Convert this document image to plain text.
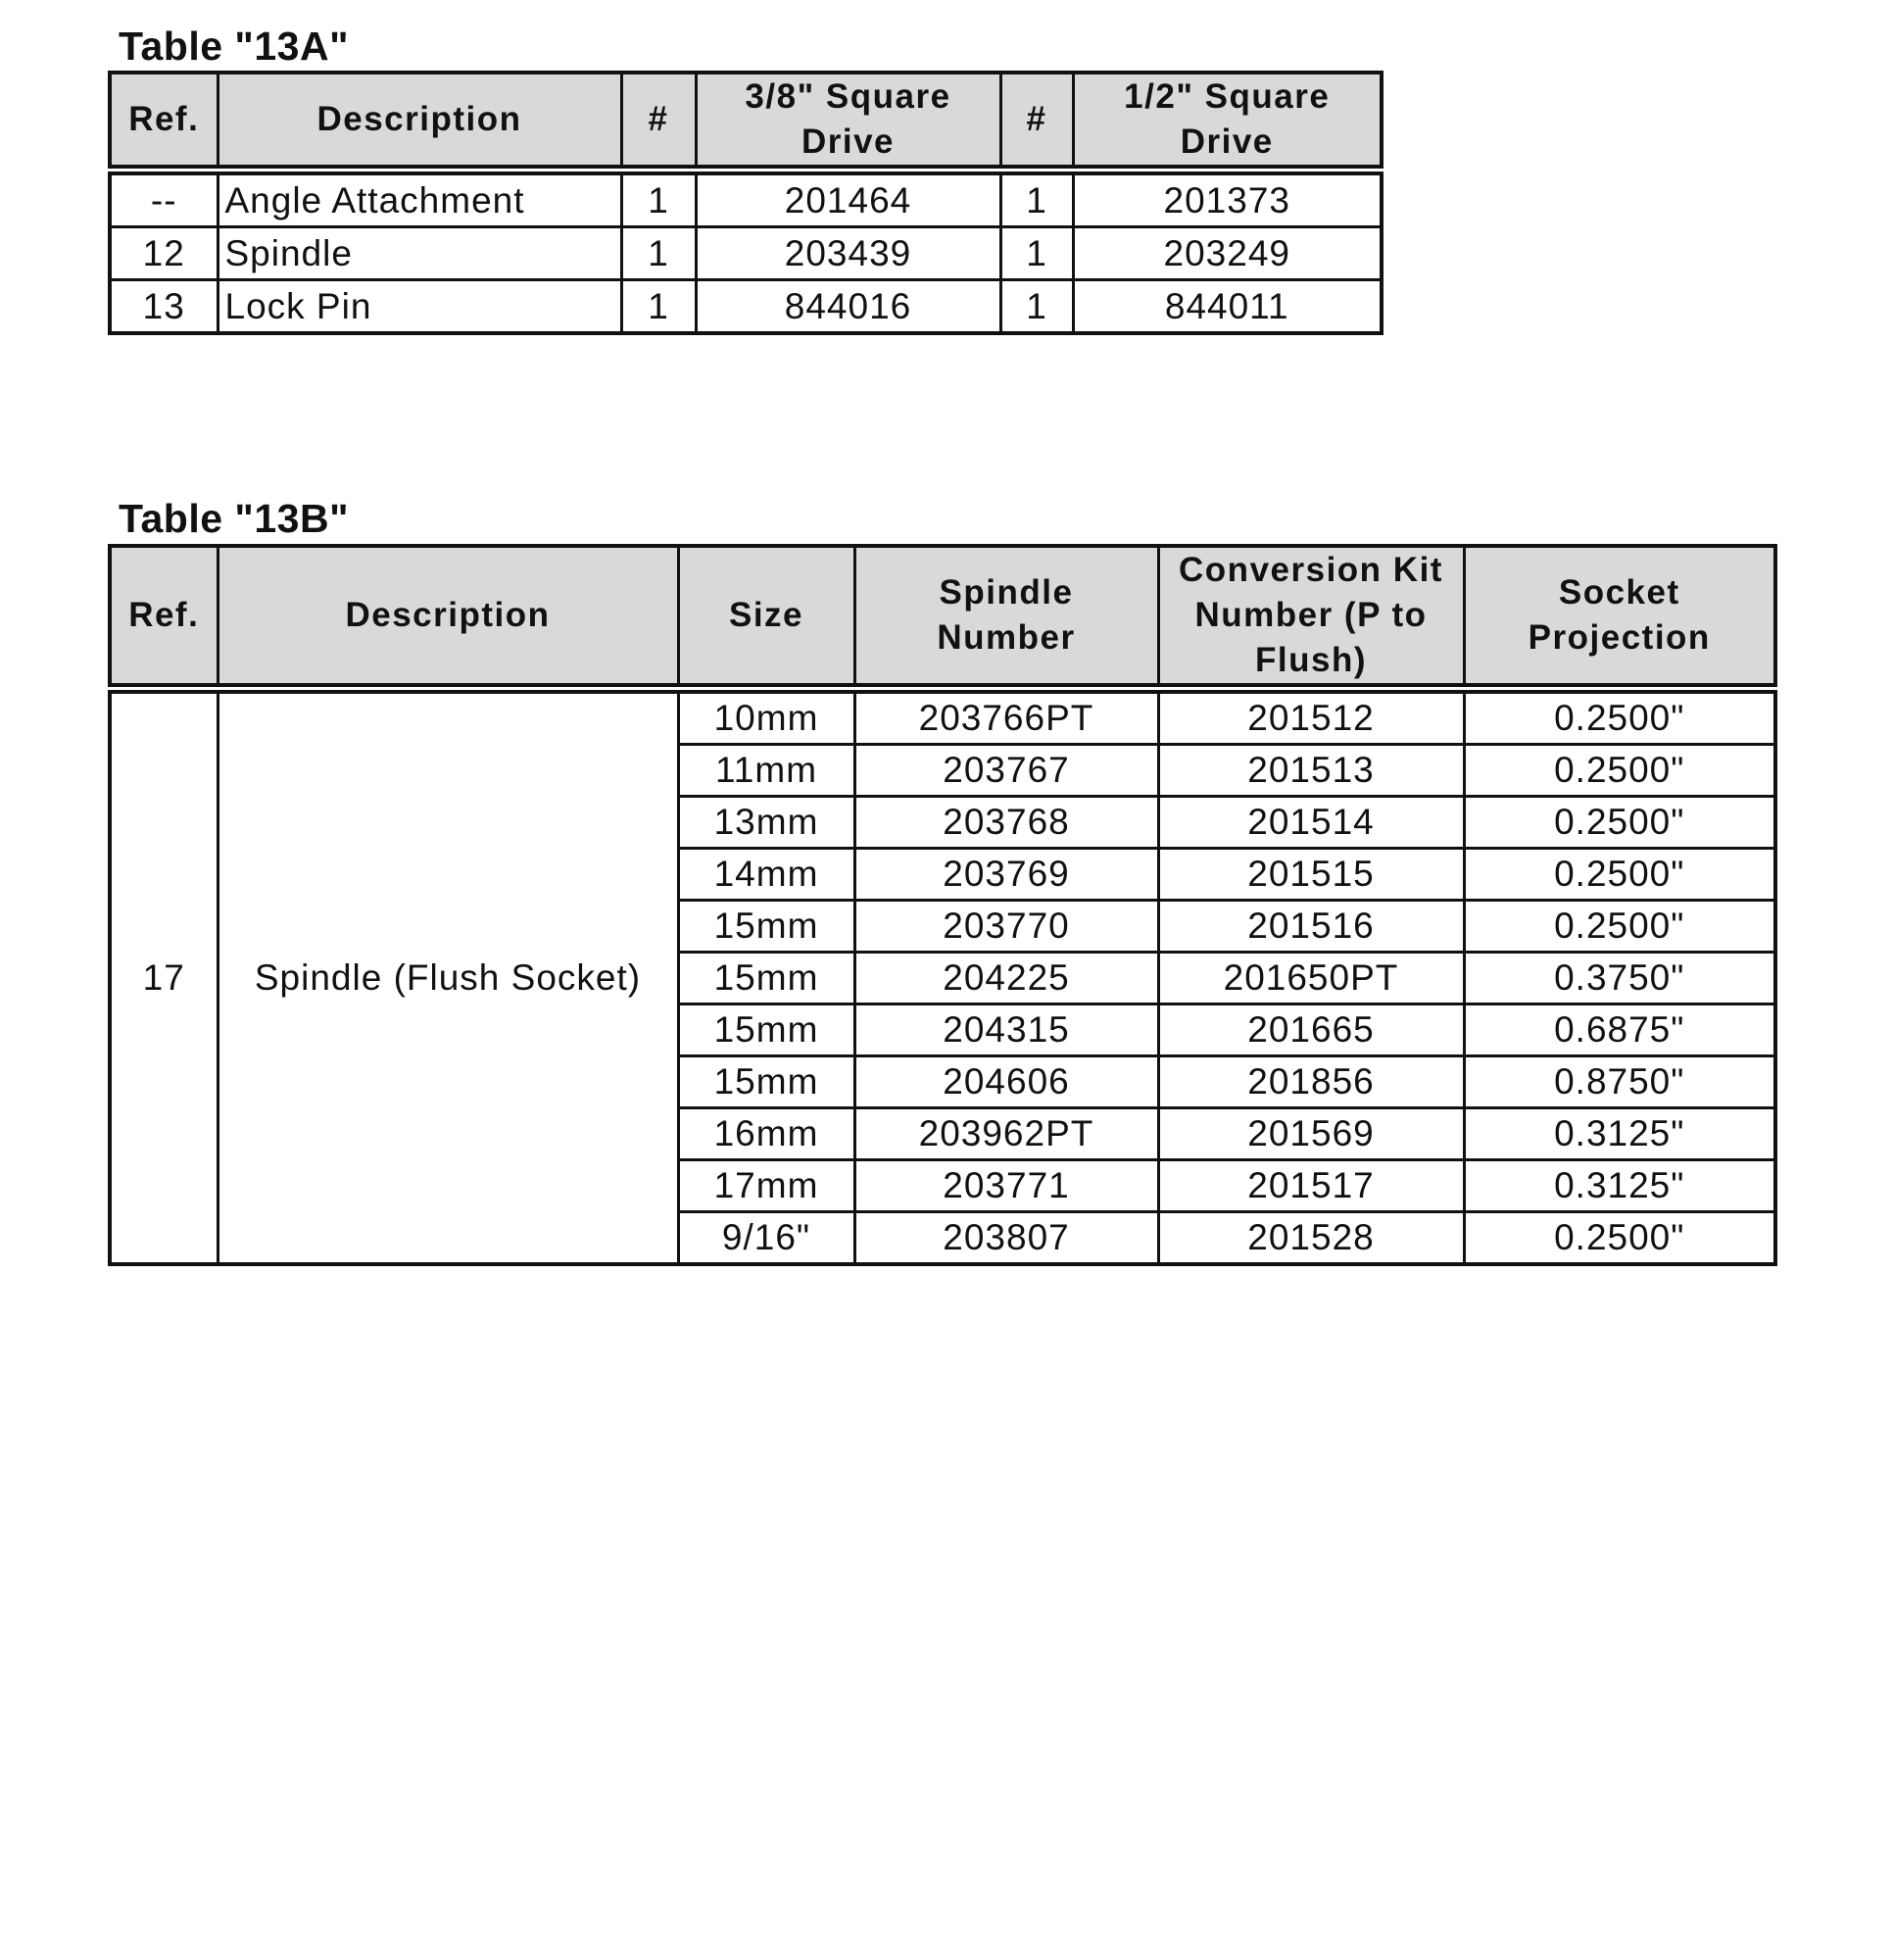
Table "13A"
Ref.	Description	#	3/8" Square Drive	#	1/2" Square Drive
--	Angle Attachment	1	201464	1	201373
12	Spindle	1	203439	1	203249
13	Lock Pin	1	844016	1	844011
Table "13B"
Ref.	Description	Size	Spindle Number	Conversion Kit Number (P to Flush)	Socket Projection
17	Spindle (Flush Socket)	10mm	203766PT	201512	0.2500"
		11mm	203767	201513	0.2500"
		13mm	203768	201514	0.2500"
		14mm	203769	201515	0.2500"
		15mm	203770	201516	0.2500"
		15mm	204225	201650PT	0.3750"
		15mm	204315	201665	0.6875"
		15mm	204606	201856	0.8750"
		16mm	203962PT	201569	0.3125"
		17mm	203771	201517	0.3125"
		9/16"	203807	201528	0.2500"
